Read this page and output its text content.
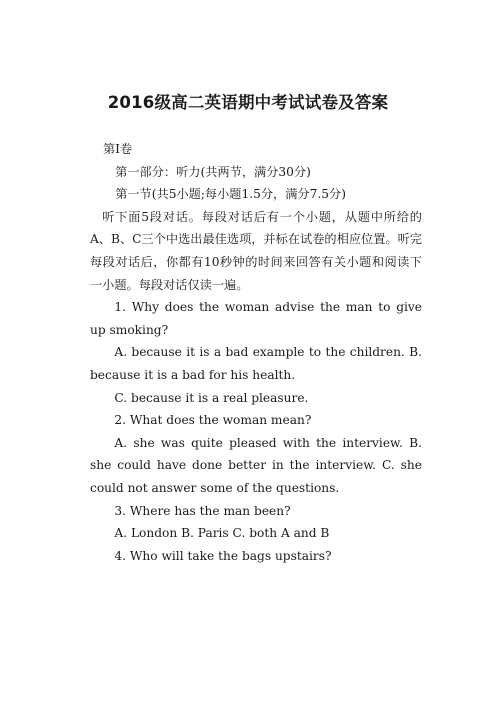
2016级高二英语期中考试试卷及答案

第Ⅰ卷

第一部分：听力(共两节，满分30分)

第一节(共5小题;每小题1.5分，满分7.5分)

听下面5段对话。每段对话后有一个小题，从题中所给的A、B、C三个中选出最佳选项，并标在试卷的相应位置。听完每段对话后，你都有10秒钟的时间来回答有关小题和阅读下一小题。每段对话仅读一遍。

1. Why does the woman advise the man to give up smoking?

A. because it is a bad example to the children. B. because it is a bad for his health.

C. because it is a real pleasure.

2. What does the woman mean?

A. she was quite pleased with the interview. B. she could have done better in the interview. C. she could not answer some of the questions.

3. Where has the man been?

A. London B. Paris C. both A and B

4. Who will take the bags upstairs?
